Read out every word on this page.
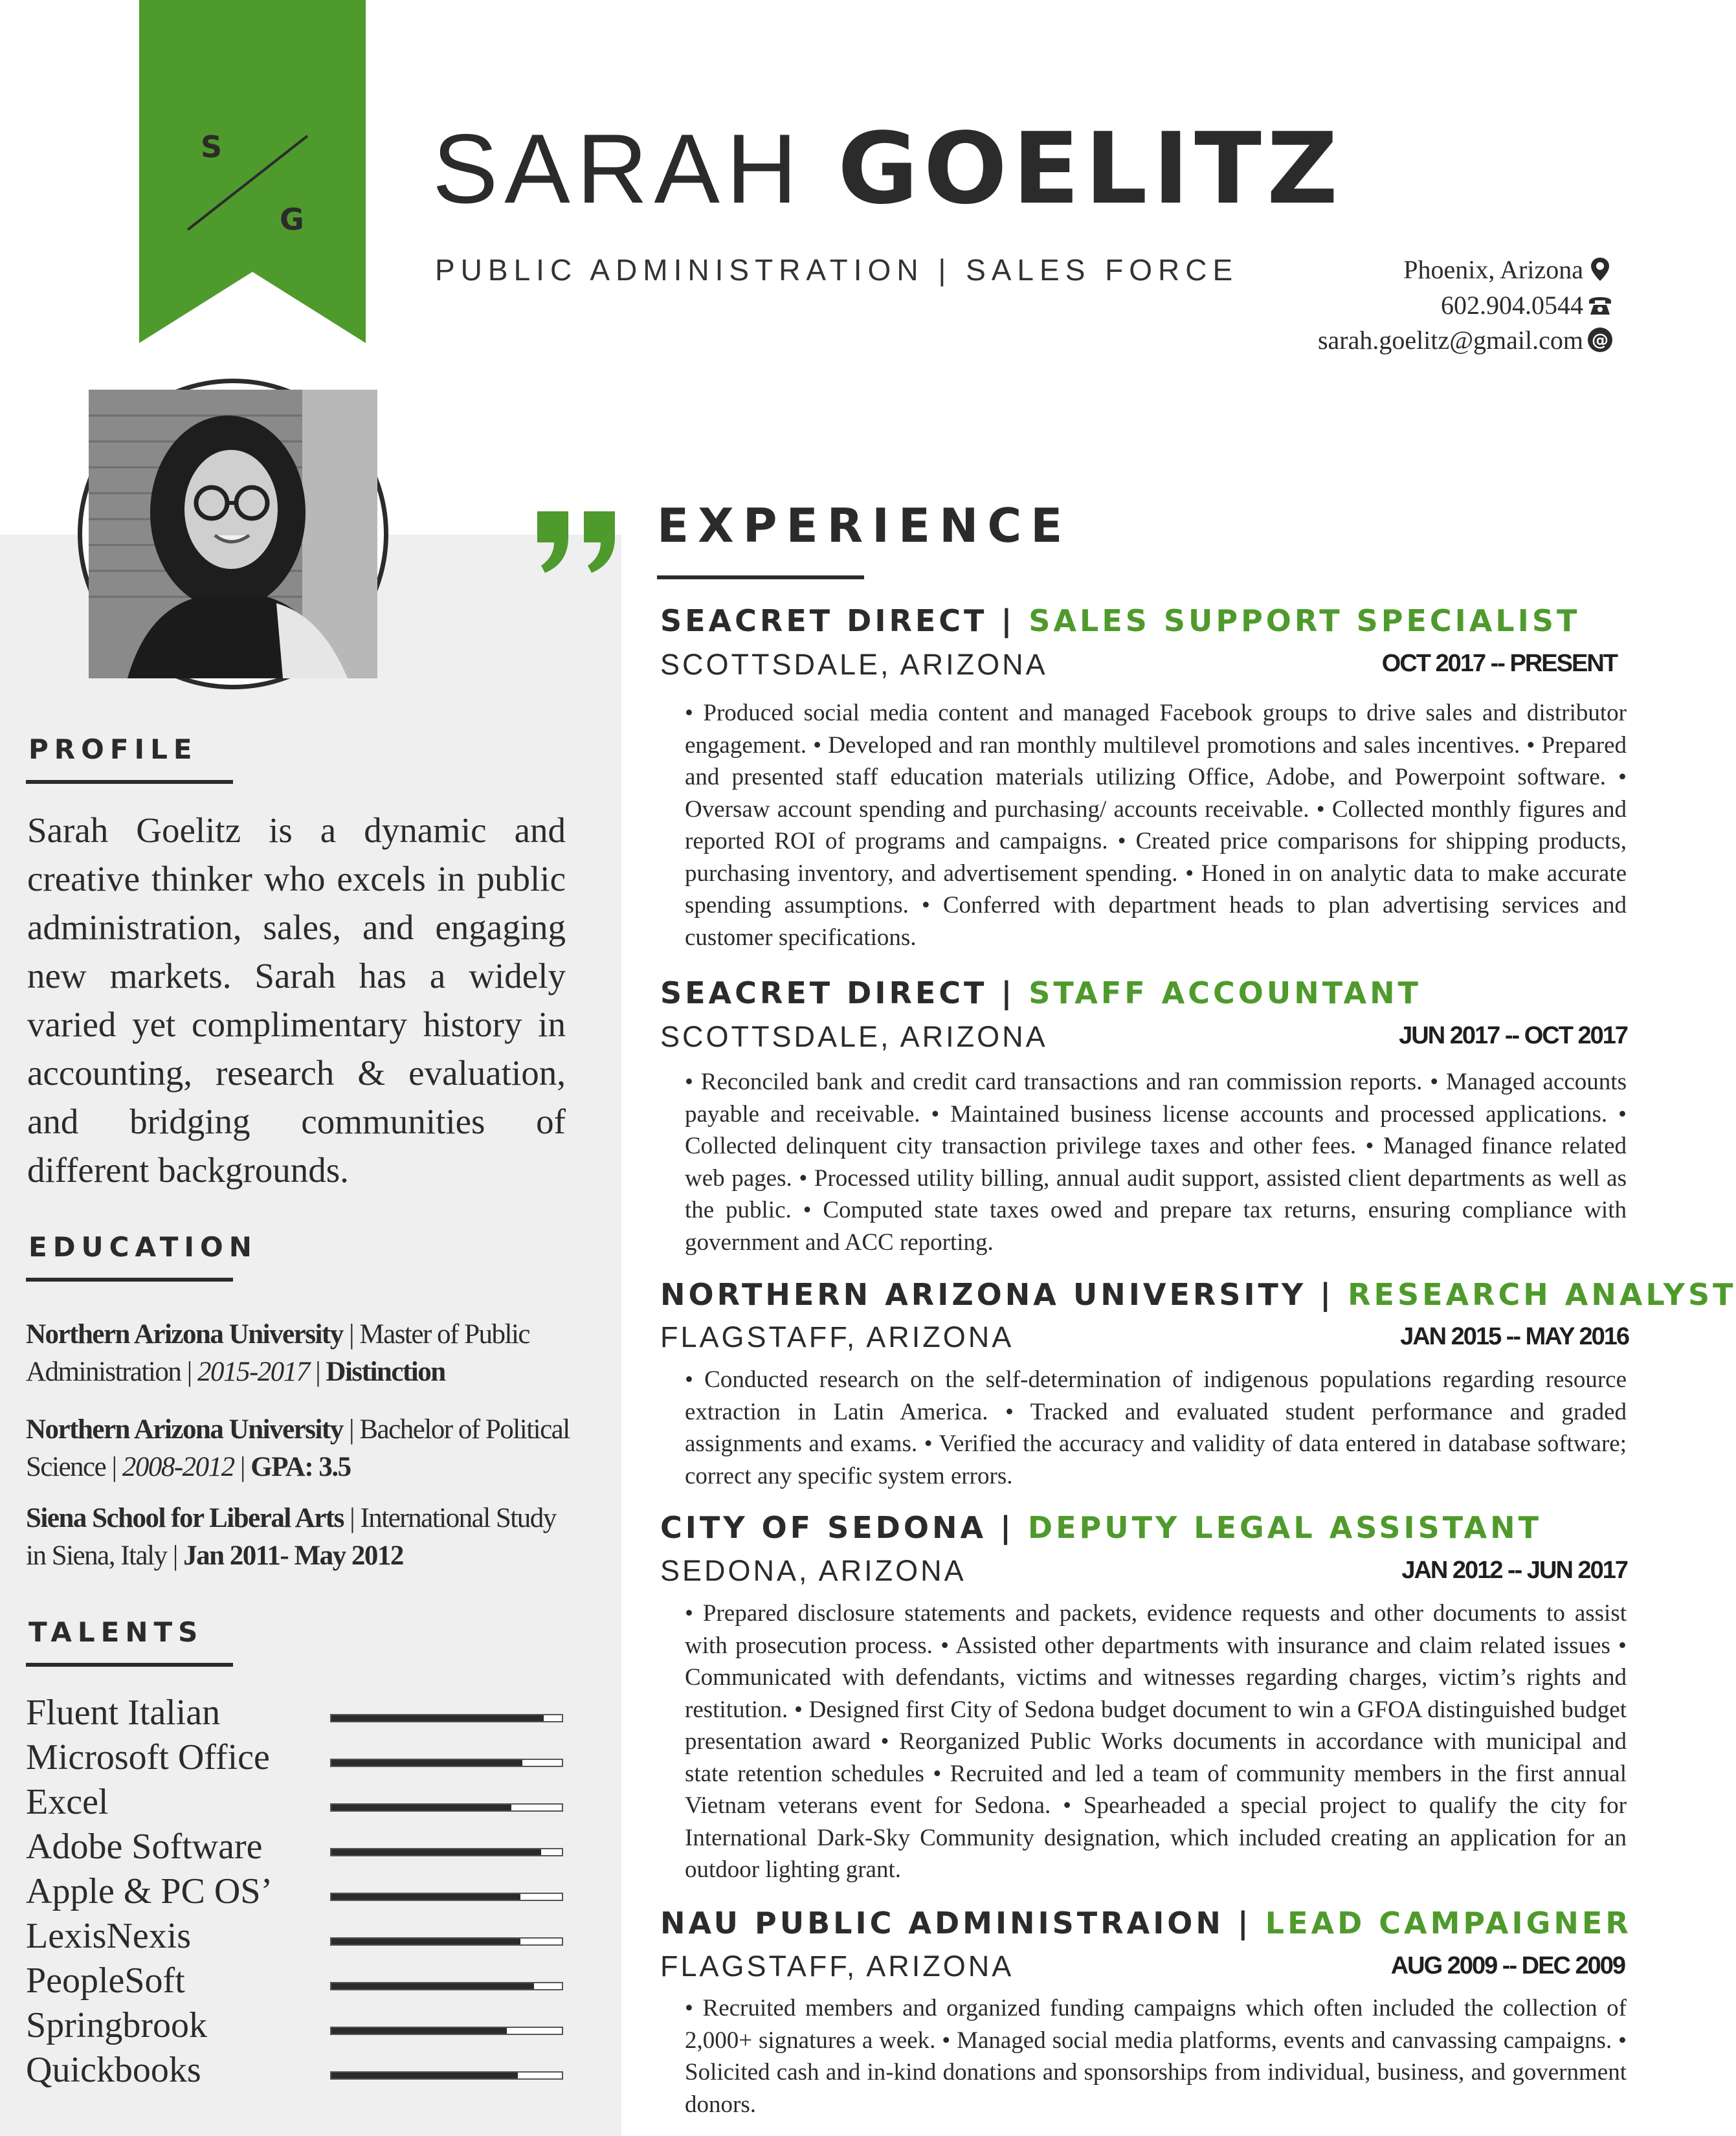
S
G SARAH GOELITZ
PUBLIC ADMINISTRATION | SALES FORCE	Phoenix, Arizona
602.904.0544
sarah.goelitz@gmail.com @
EXPERIENCE
PROFILE
Sarah Goelitz is a dynamic and creative thinker who excels in public administration, sales, and engaging new markets. Sarah has a widely varied yet complimentary history in accounting, research & evaluation, and bridging communities of different backgrounds.
EDUCATION
Northern Arizona University | Master of Public Administration | 2015-2017 | Distinction
Northern Arizona University | Bachelor of Political Science | 2008-2012 | GPA: 3.5
Siena School for Liberal Arts | International Study in Siena, Italy | Jan 2011- May 2012
TALENTS
Fluent Italian
Microsoft Office
Excel
Adobe Software
Apple & PC OS’
LexisNexis
PeopleSoft
Springbrook
Quickbooks
SEACRET DIRECT | SALES SUPPORT SPECIALIST
SCOTTSDALE, ARIZONA	OCT 2017 -- PRESENT
• Produced social media content and managed Facebook groups to drive sales and distributor engagement. • Developed and ran monthly multilevel promotions and sales incentives. • Prepared and presented staff education materials utilizing Office, Adobe, and Powerpoint software. • Oversaw account spending and purchasing/ accounts receivable. • Collected monthly figures and reported ROI of programs and campaigns. • Created price comparisons for shipping products, purchasing inventory, and advertisement spending. • Honed in on analytic data to make accurate spending assumptions. • Conferred with department heads to plan advertising services and customer specifications.
SEACRET DIRECT | STAFF ACCOUNTANT
SCOTTSDALE, ARIZONA	JUN 2017 -- OCT 2017
• Reconciled bank and credit card transactions and ran commission reports. • Managed accounts payable and receivable. • Maintained business license accounts and processed applications. • Collected delinquent city transaction privilege taxes and other fees. • Managed finance related web pages. • Processed utility billing, annual audit support, assisted client departments as well as the public. • Computed state taxes owed and prepare tax returns, ensuring compliance with government and ACC reporting.
NORTHERN ARIZONA UNIVERSITY | RESEARCH ANALYST
FLAGSTAFF, ARIZONA	JAN 2015 -- MAY 2016
• Conducted research on the self-determination of indigenous populations regarding resource extraction in Latin America. • Tracked and evaluated student performance and graded assignments and exams. • Verified the accuracy and validity of data entered in database software; correct any specific system errors.
CITY OF SEDONA | DEPUTY LEGAL ASSISTANT
SEDONA, ARIZONA	JAN 2012 -- JUN 2017
• Prepared disclosure statements and packets, evidence requests and other documents to assist with prosecution process. • Assisted other departments with insurance and claim related issues • Communicated with defendants, victims and witnesses regarding charges, victim’s rights and restitution. • Designed first City of Sedona budget document to win a GFOA distinguished budget presentation award • Reorganized Public Works documents in accordance with municipal and state retention schedules • Recruited and led a team of community members in the first annual Vietnam veterans event for Sedona. • Spearheaded a special project to qualify the city for International Dark-Sky Community designation, which included creating an application for an outdoor lighting grant.
NAU PUBLIC ADMINISTRAION | LEAD CAMPAIGNER
FLAGSTAFF, ARIZONA	AUG 2009 -- DEC 2009
• Recruited members and organized funding campaigns which often included the collection of 2,000+ signatures a week. • Managed social media platforms, events and canvassing campaigns. • Solicited cash and in-kind donations and sponsorships from individual, business, and government donors.
